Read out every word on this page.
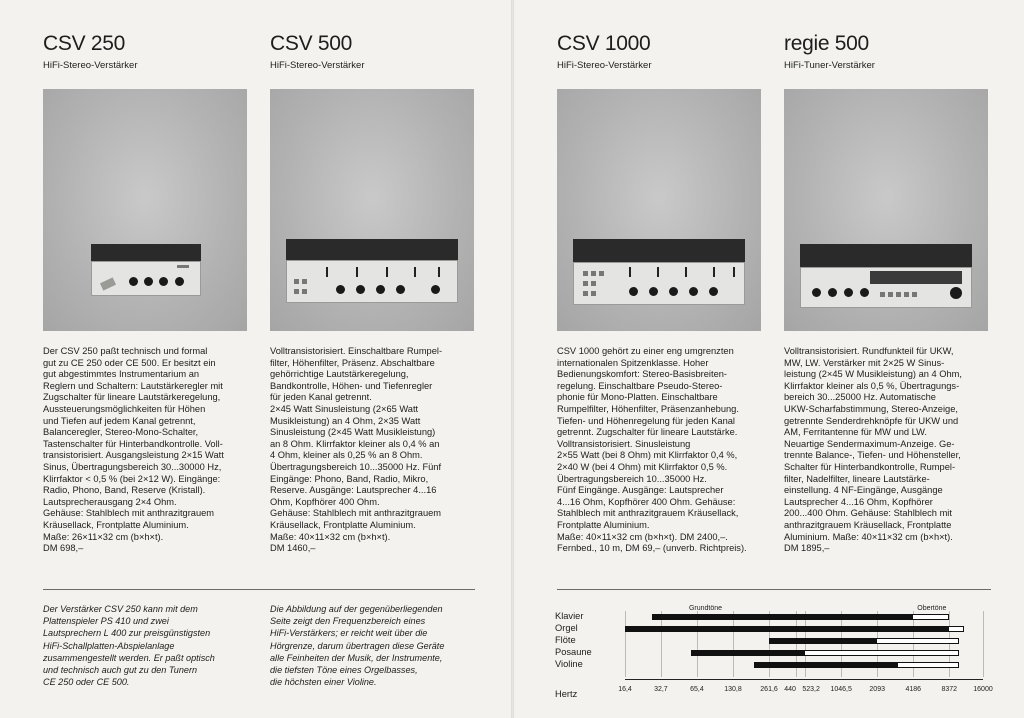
CSV 250
HiFi-Stereo-Verstärker
Der CSV 250 paßt technisch und formal
gut zu CE 250 oder CE 500. Er besitzt ein
gut abgestimmtes Instrumentarium an
Reglern und Schaltern: Lautstärkeregler mit
Zugschalter für lineare Lautstärkeregelung,
Aussteuerungsmöglichkeiten für Höhen
und Tiefen auf jedem Kanal getrennt,
Balanceregler, Stereo-Mono-Schalter,
Tastenschalter für Hinterbandkontrolle. Voll-
transistorisiert. Ausgangsleistung 2×15 Watt
Sinus, Übertragungsbereich 30...30000 Hz,
Klirrfaktor < 0,5 % (bei 2×12 W). Eingänge:
Radio, Phono, Band, Reserve (Kristall).
Lautsprecherausgang 2×4 Ohm.
Gehäuse: Stahlblech mit anthrazitgrauem
Kräusellack, Frontplatte Aluminium.
Maße: 26×11×32 cm (b×h×t).
DM 698,–
CSV 500
HiFi-Stereo-Verstärker
Volltransistorisiert. Einschaltbare Rumpel-
filter, Höhenfilter, Präsenz. Abschaltbare
gehörrichtige Lautstärkeregelung,
Bandkontrolle, Höhen- und Tiefenregler
für jeden Kanal getrennt.
2×45 Watt Sinusleistung (2×65 Watt
Musikleistung) an 4 Ohm, 2×35 Watt
Sinusleistung (2×45 Watt Musikleistung)
an 8 Ohm. Klirrfaktor kleiner als 0,4 % an
4 Ohm, kleiner als 0,25 % an 8 Ohm.
Übertragungsbereich 10...35000 Hz. Fünf
Eingänge: Phono, Band, Radio, Mikro,
Reserve. Ausgänge: Lautsprecher 4...16
Ohm, Kopfhörer 400 Ohm.
Gehäuse: Stahlblech mit anthrazitgrauem
Kräusellack, Frontplatte Aluminium.
Maße: 40×11×32 cm (b×h×t).
DM 1460,–
CSV 1000
HiFi-Stereo-Verstärker
CSV 1000 gehört zu einer eng umgrenzten
internationalen Spitzenklasse. Hoher
Bedienungskomfort: Stereo-Basisbreiten-
regelung. Einschaltbare Pseudo-Stereo-
phonie für Mono-Platten. Einschaltbare
Rumpelfilter, Höhenfilter, Präsenzanhebung.
Tiefen- und Höhenregelung für jeden Kanal
getrennt. Zugschalter für lineare Lautstärke.
Volltransistorisiert. Sinusleistung
2×55 Watt (bei 8 Ohm) mit Klirrfaktor 0,4 %,
2×40 W (bei 4 Ohm) mit Klirrfaktor 0,5 %.
Übertragungsbereich 10...35000 Hz.
Fünf Eingänge. Ausgänge: Lautsprecher
4...16 Ohm, Kopfhörer 400 Ohm. Gehäuse:
Stahlblech mit anthrazitgrauem Kräusellack,
Frontplatte Aluminium.
Maße: 40×11×32 cm (b×h×t). DM 2400,–.
Fernbed., 10 m, DM 69,– (unverb. Richtpreis).
regie 500
HiFi-Tuner-Verstärker
Volltransistorisiert. Rundfunkteil für UKW,
MW, LW. Verstärker mit 2×25 W Sinus-
leistung (2×45 W Musikleistung) an 4 Ohm,
Klirrfaktor kleiner als 0,5 %, Übertragungs-
bereich 30...25000 Hz. Automatische
UKW-Scharfabstimmung, Stereo-Anzeige,
getrennte Senderdrehknöpfe für UKW und
AM, Ferritantenne für MW und LW.
Neuartige Sendermaximum-Anzeige. Ge-
trennte Balance-, Tiefen- und Höhensteller,
Schalter für Hinterbandkontrolle, Rumpel-
filter, Nadelfilter, lineare Lautstärke-
einstellung. 4 NF-Eingänge, Ausgänge
Lautsprecher 4...16 Ohm, Kopfhörer
200...400 Ohm. Gehäuse: Stahlblech mit
anthrazitgrauem Kräusellack, Frontplatte
Aluminium. Maße: 40×11×32 cm (b×h×t).
DM 1895,–
Der Verstärker CSV 250 kann mit dem
Plattenspieler PS 410 und zwei
Lautsprechern L 400 zur preisgünstigsten
HiFi-Schallplatten-Abspielanlage
zusammengestellt werden. Er paßt optisch
und technisch auch gut zu den Tunern
CE 250 oder CE 500.
Die Abbildung auf der gegenüberliegenden
Seite zeigt den Frequenzbereich eines
HiFi-Verstärkers; er reicht weit über die
Hörgrenze, darum übertragen diese Geräte
alle Feinheiten der Musik, der Instrumente,
die tiefsten Töne eines Orgelbasses,
die höchsten einer Violine.
Grundtöne	Obertöne
Hertz
Klavier
Orgel
Flöte
Posaune
Violine
16,4	32,7	65,4	130,8	261,6 440 523,2 1046,5	2093	4186	8372 16000
